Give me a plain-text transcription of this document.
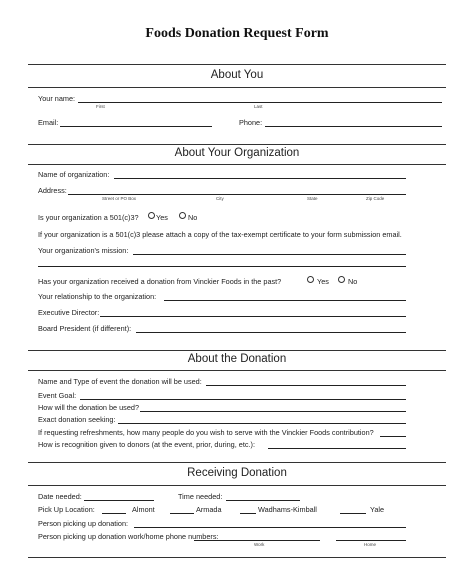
Foods Donation Request Form
About You
Your name:
First	Last
Email:	Phone:
About Your Organization
Name of organization:
Address:
Street or PO Box	City	State	Zip Code
Is your organization a 501(c)3? Yes	No
If your organization is a 501(c)3 please attach a copy of the tax-exempt certificate to your form submission email.
Your organization's mission:
Has your organization received a donation from Vinckier Foods in the past?	Yes	No
Your relationship to the organization:
Executive Director:
Board President (if different):
About the Donation
Name and Type of event the donation will be used:
Event Goal:
How will the donation be used?
Exact donation seeking:
If requesting refreshments, how many people do you wish to serve with the Vinckier Foods contribution?
How is recognition given to donors (at the event, prior, during, etc.):
Receiving Donation
Date needed:	Time needed:
Pick Up Location:	Almont	Armada	Wadhams-Kimball	Yale
Person picking up donation:
Person picking up donation work/home phone numbers:
Work	Home
